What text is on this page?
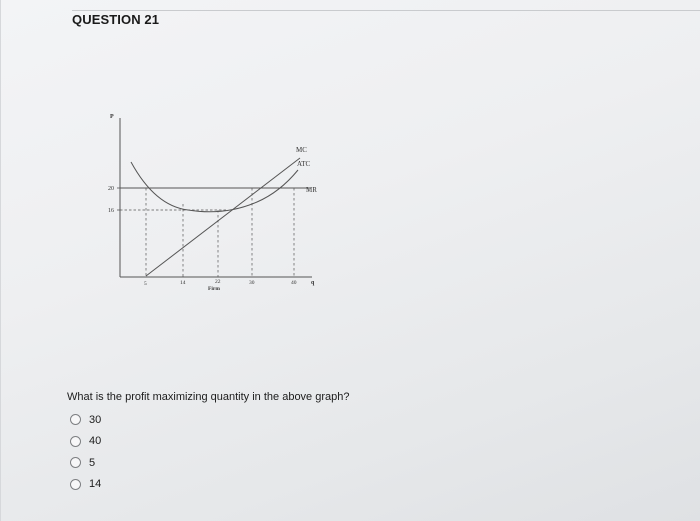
QUESTION 21
P
q
20
16
MC
ATC
MR
5	14	22	30	40
Firm
What is the profit maximizing quantity in the above graph?
30
40
5
14
